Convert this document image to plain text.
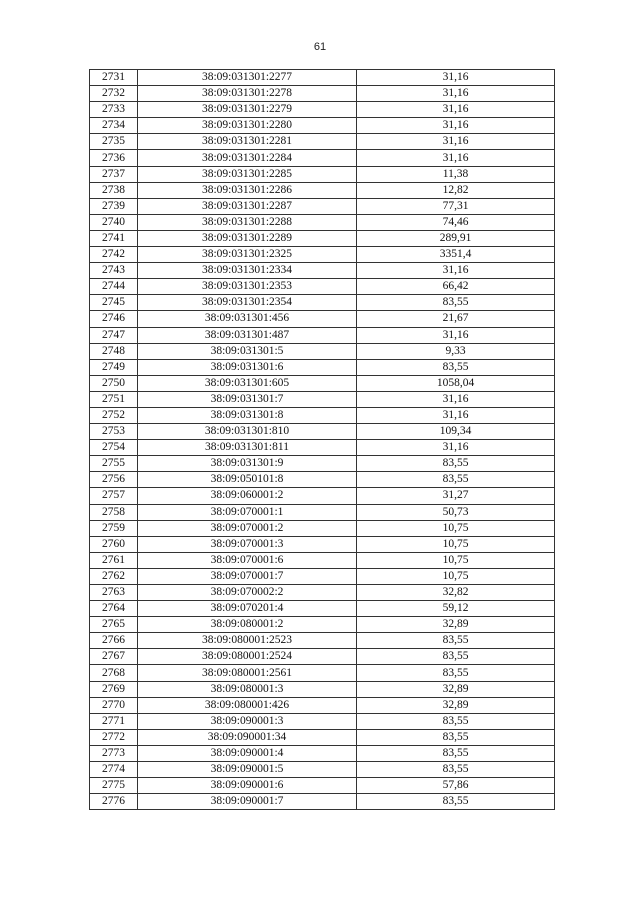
61
2731	38:09:031301:2277	31,16
2732	38:09:031301:2278	31,16
2733	38:09:031301:2279	31,16
2734	38:09:031301:2280	31,16
2735	38:09:031301:2281	31,16
2736	38:09:031301:2284	31,16
2737	38:09:031301:2285	11,38
2738	38:09:031301:2286	12,82
2739	38:09:031301:2287	77,31
2740	38:09:031301:2288	74,46
2741	38:09:031301:2289	289,91
2742	38:09:031301:2325	3351,4
2743	38:09:031301:2334	31,16
2744	38:09:031301:2353	66,42
2745	38:09:031301:2354	83,55
2746	38:09:031301:456	21,67
2747	38:09:031301:487	31,16
2748	38:09:031301:5	9,33
2749	38:09:031301:6	83,55
2750	38:09:031301:605	1058,04
2751	38:09:031301:7	31,16
2752	38:09:031301:8	31,16
2753	38:09:031301:810	109,34
2754	38:09:031301:811	31,16
2755	38:09:031301:9	83,55
2756	38:09:050101:8	83,55
2757	38:09:060001:2	31,27
2758	38:09:070001:1	50,73
2759	38:09:070001:2	10,75
2760	38:09:070001:3	10,75
2761	38:09:070001:6	10,75
2762	38:09:070001:7	10,75
2763	38:09:070002:2	32,82
2764	38:09:070201:4	59,12
2765	38:09:080001:2	32,89
2766	38:09:080001:2523	83,55
2767	38:09:080001:2524	83,55
2768	38:09:080001:2561	83,55
2769	38:09:080001:3	32,89
2770	38:09:080001:426	32,89
2771	38:09:090001:3	83,55
2772	38:09:090001:34	83,55
2773	38:09:090001:4	83,55
2774	38:09:090001:5	83,55
2775	38:09:090001:6	57,86
2776	38:09:090001:7	83,55
